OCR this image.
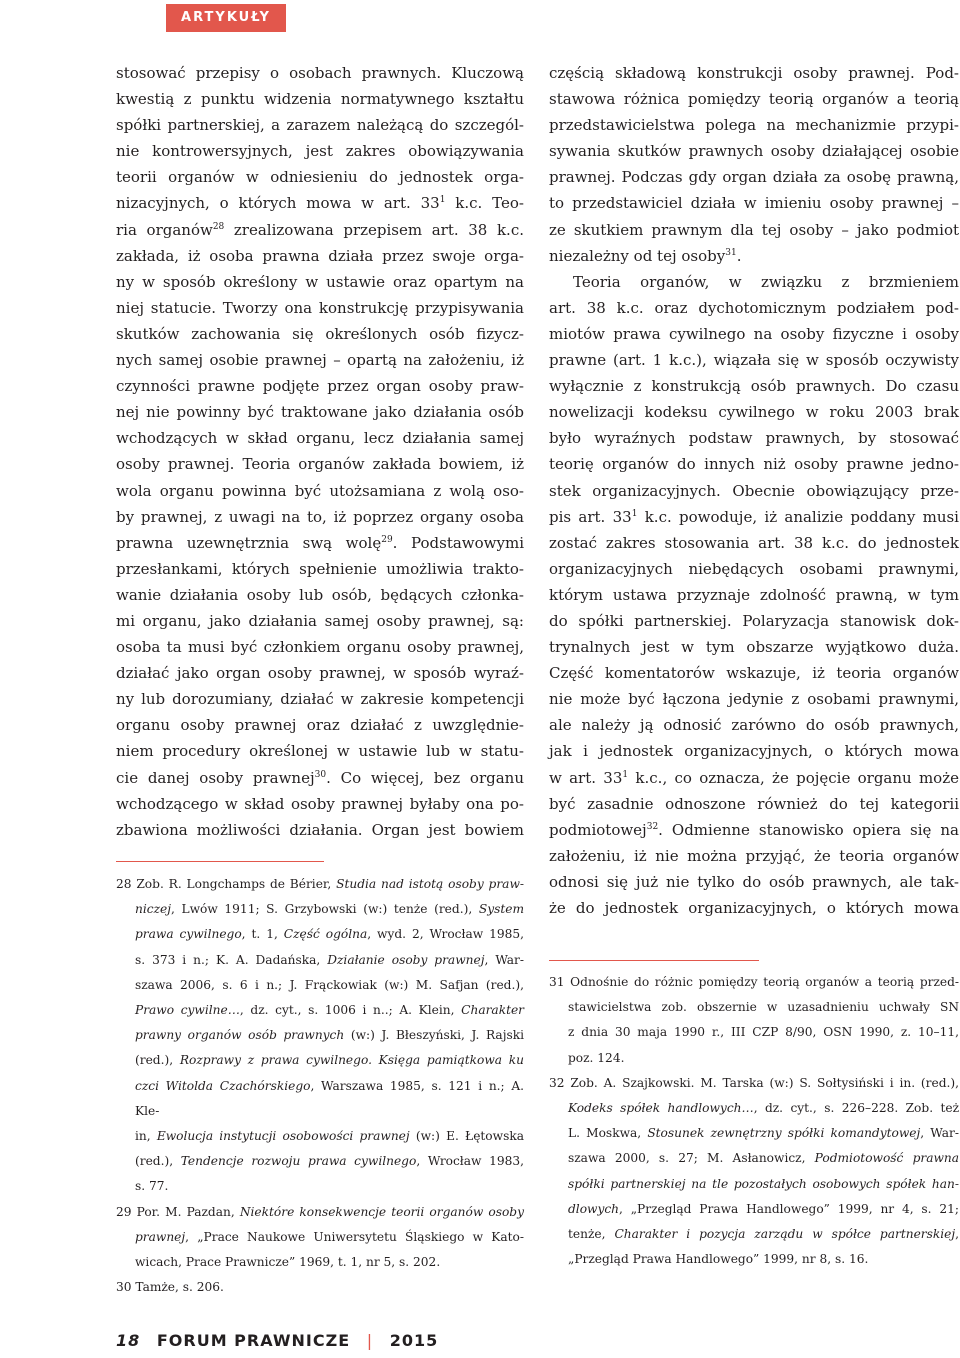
ARTYKUŁY
stosować przepisy o osobach prawnych. Kluczową
kwestią z punktu widzenia normatywnego kształtu
spółki partnerskiej, a zarazem należącą do szczegól-
nie kontrowersyjnych, jest zakres obowiązywania
teorii organów w odniesieniu do jednostek orga-
nizacyjnych, o których mowa w art. $33^1$ k.c. Teo-
ria organów$^{28}$ zrealizowana przepisem art. 38 k.c.
zakłada, iż osoba prawna działa przez swoje orga-
ny w sposób określony w ustawie oraz opartym na
niej statucie. Tworzy ona konstrukcję przypisywania
skutków zachowania się określonych osób fizycz-
nych samej osobie prawnej – opartą na założeniu, iż
czynności prawne podjęte przez organ osoby praw-
nej nie powinny być traktowane jako działania osób
wchodzących w skład organu, lecz działania samej
osoby prawnej. Teoria organów zakłada bowiem, iż
wola organu powinna być utożsamiana z wolą oso-
by prawnej, z uwagi na to, iż poprzez organy osoba
prawna uzewnętrznia swą wolę$^{29}$. Podstawowymi
przesłankami, których spełnienie umożliwia trakto-
wanie działania osoby lub osób, będących członka-
mi organu, jako działania samej osoby prawnej, są:
osoba ta musi być członkiem organu osoby prawnej,
działać jako organ osoby prawnej, w sposób wyraź-
ny lub dorozumiany, działać w zakresie kompetencji
organu osoby prawnej oraz działać z uwzględnie-
niem procedury określonej w ustawie lub w statu-
cie danej osoby prawnej$^{30}$. Co więcej, bez organu
wchodzącego w skład osoby prawnej byłaby ona po-
zbawiona możliwości działania. Organ jest bowiem
częścią składową konstrukcji osoby prawnej. Pod-
stawowa różnica pomiędzy teorią organów a teorią
przedstawicielstwa polega na mechanizmie przypi-
sywania skutków prawnych osoby działającej osobie
prawnej. Podczas gdy organ działa za osobę prawną,
to przedstawiciel działa w imieniu osoby prawnej –
ze skutkiem prawnym dla tej osoby – jako podmiot
niezależny od tej osoby$^{31}$.
Teoria organów, w związku z brzmieniem
art. 38 k.c. oraz dychotomicznym podziałem pod-
miotów prawa cywilnego na osoby fizyczne i osoby
prawne (art. 1 k.c.), wiązała się w sposób oczywisty
wyłącznie z konstrukcją osób prawnych. Do czasu
nowelizacji kodeksu cywilnego w roku 2003 brak
było wyraźnych podstaw prawnych, by stosować
teorię organów do innych niż osoby prawne jedno-
stek organizacyjnych. Obecnie obowiązujący prze-
pis art. $33^1$ k.c. powoduje, iż analizie poddany musi
zostać zakres stosowania art. 38 k.c. do jednostek
organizacyjnych niebędących osobami prawnymi,
którym ustawa przyznaje zdolność prawną, w tym
do spółki partnerskiej. Polaryzacja stanowisk dok-
trynalnych jest w tym obszarze wyjątkowo duża.
Część komentatorów wskazuje, iż teoria organów
nie może być łączona jedynie z osobami prawnymi,
ale należy ją odnosić zarówno do osób prawnych,
jak i jednostek organizacyjnych, o których mowa
w art. $33^1$ k.c., co oznacza, że pojęcie organu może
być zasadnie odnoszone również do tej kategorii
podmiotowej$^{32}$. Odmienne stanowisko opiera się na
założeniu, iż nie można przyjąć, że teoria organów
odnosi się już nie tylko do osób prawnych, ale tak-
że do jednostek organizacyjnych, o których mowa
28 Zob. R. Longchamps de Bérier, Studia nad istotą osoby praw-
niczej, Lwów 1911; S. Grzybowski (w:) tenże (red.), System
prawa cywilnego, t. 1, Część ogólna, wyd. 2, Wrocław 1985,
s. 373 i n.; K. A. Dadańska, Działanie osoby prawnej, War-
szawa 2006, s. 6 i n.; J. Frąckowiak (w:) M. Safjan (red.),
Prawo cywilne…, dz. cyt., s. 1006 i n..; A. Klein, Charakter
prawny organów osób prawnych (w:) J. Błeszyński, J. Rajski
(red.), Rozprawy z prawa cywilnego. Księga pamiątkowa ku
czci Witolda Czachórskiego, Warszawa 1985, s. 121 i n.; A. Kle-
in, Ewolucja instytucji osobowości prawnej (w:) E. Łętowska
(red.), Tendencje rozwoju prawa cywilnego, Wrocław 1983,
s. 77.
29 Por. M. Pazdan, Niektóre konsekwencje teorii organów osoby
prawnej, „Prace Naukowe Uniwersytetu Śląskiego w Kato-
wicach, Prace Prawnicze” 1969, t. 1, nr 5, s. 202.
30 Tamże, s. 206.
31 Odnośnie do różnic pomiędzy teorią organów a teorią przed-
stawicielstwa zob. obszernie w uzasadnieniu uchwały SN
z dnia 30 maja 1990 r., III CZP 8/90, OSN 1990, z. 10–11,
poz. 124.
32 Zob. A. Szajkowski. M. Tarska (w:) S. Sołtysiński i in. (red.),
Kodeks spółek handlowych…, dz. cyt., s. 226–228. Zob. też
L. Moskwa, Stosunek zewnętrzny spółki komandytowej, War-
szawa 2000, s. 27; M. Asłanowicz, Podmiotowość prawna
spółki partnerskiej na tle pozostałych osobowych spółek han-
dlowych, „Przegląd Prawa Handlowego” 1999, nr 4, s. 21;
tenże, Charakter i pozycja zarządu w spółce partnerskiej,
„Przegląd Prawa Handlowego” 1999, nr 8, s. 16.
18 FORUM PRAWNICZE | 2015
